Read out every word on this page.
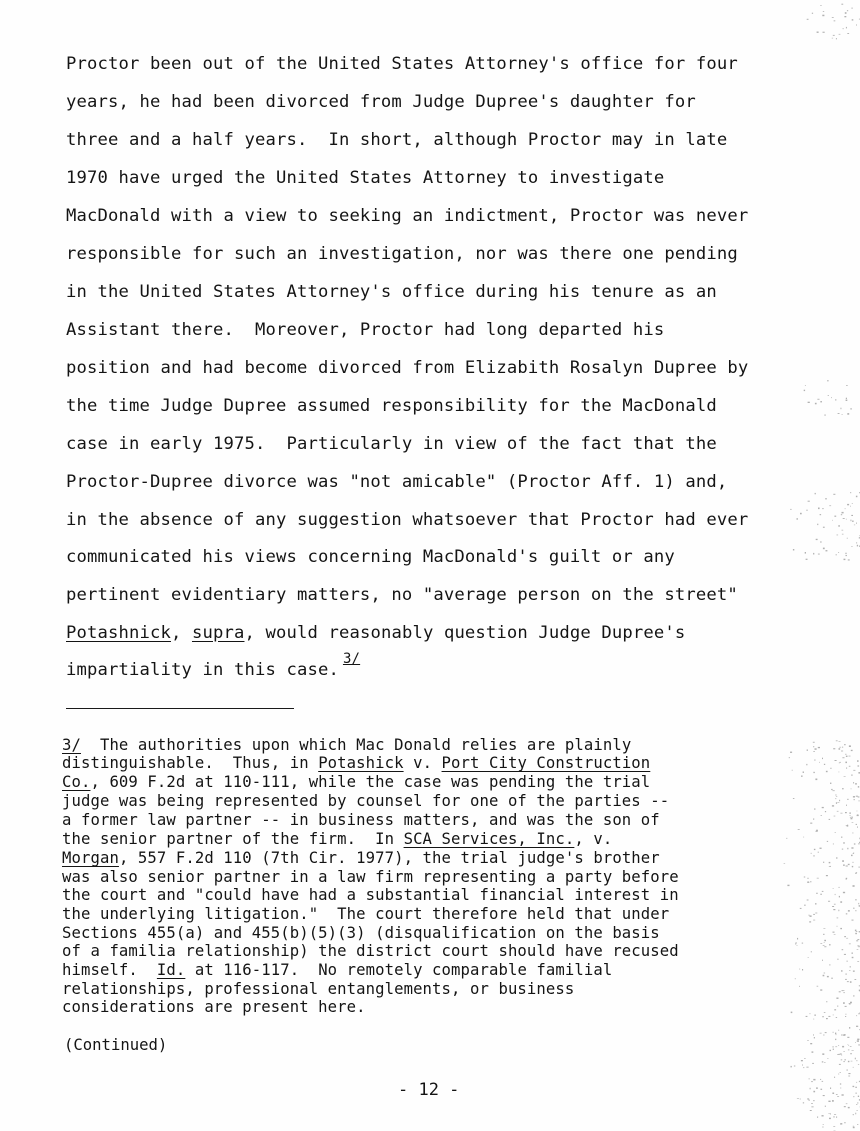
Proctor been out of the United States Attorney's office for four
years, he had been divorced from Judge Dupree's daughter for
three and a half years.  In short, although Proctor may in late
1970 have urged the United States Attorney to investigate
MacDonald with a view to seeking an indictment, Proctor was never
responsible for such an investigation, nor was there one pending
in the United States Attorney's office during his tenure as an
Assistant there.  Moreover, Proctor had long departed his
position and had become divorced from Elizabith Rosalyn Dupree by
the time Judge Dupree assumed responsibility for the MacDonald
case in early 1975.  Particularly in view of the fact that the
Proctor-Dupree divorce was "not amicable" (Proctor Aff. 1) and,
in the absence of any suggestion whatsoever that Proctor had ever
communicated his views concerning MacDonald's guilt or any
pertinent evidentiary matters, no "average person on the street"
Potashnick, supra, would reasonably question Judge Dupree's
impartiality in this case.3/
3/  The authorities upon which Mac Donald relies are plainly
distinguishable.  Thus, in Potashick v. Port City Construction
Co., 609 F.2d at 110-111, while the case was pending the trial
judge was being represented by counsel for one of the parties --
a former law partner -- in business matters, and was the son of
the senior partner of the firm.  In SCA Services, Inc., v.
Morgan, 557 F.2d 110 (7th Cir. 1977), the trial judge's brother
was also senior partner in a law firm representing a party before
the court and "could have had a substantial financial interest in
the underlying litigation."  The court therefore held that under
Sections 455(a) and 455(b)(5)(3) (disqualification on the basis
of a familia relationship) the district court should have recused
himself.  Id. at 116-117.  No remotely comparable familial
relationships, professional entanglements, or business
considerations are present here.
(Continued)
- 12 -
